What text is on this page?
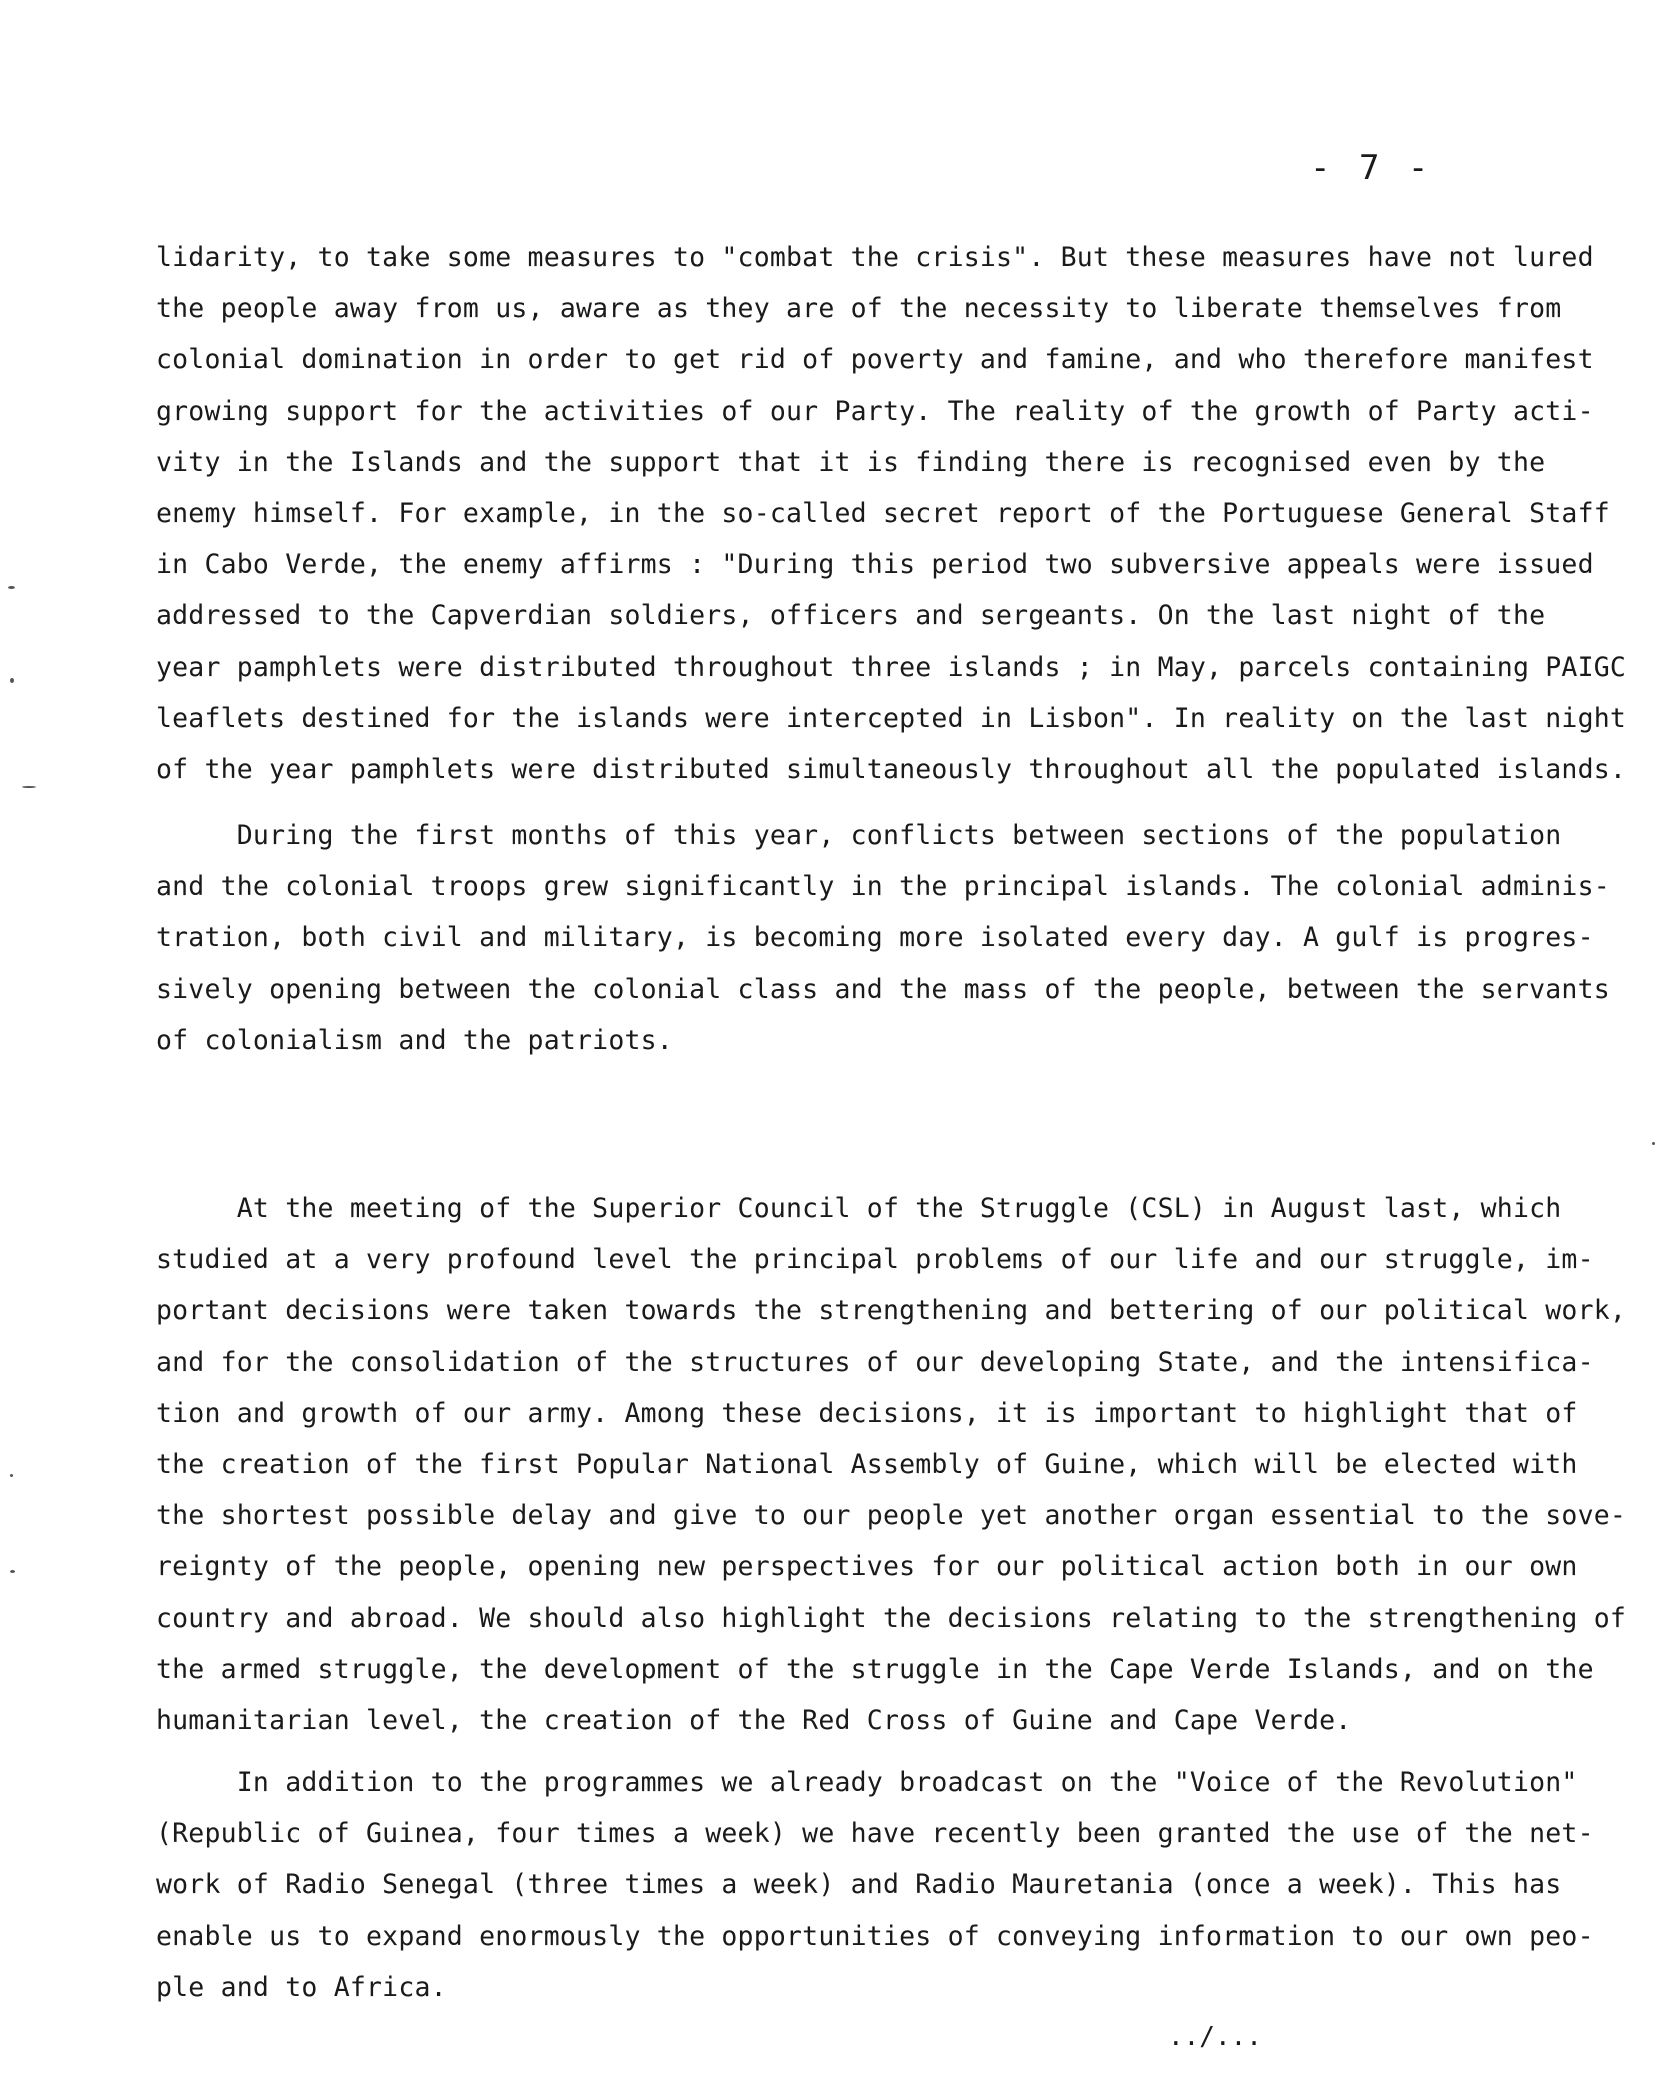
- 7 -
lidarity, to take some measures to "combat the crisis". But these measures have not lured
the people away from us, aware as they are of the necessity to liberate themselves from
colonial domination in order to get rid of poverty and famine, and who therefore manifest
growing support for the activities of our Party. The reality of the growth of Party acti-
vity in the Islands and the support that it is finding there is recognised even by the
enemy himself. For example, in the so-called secret report of the Portuguese General Staff
in Cabo Verde, the enemy affirms : "During this period two subversive appeals were issued
addressed to the Capverdian soldiers, officers and sergeants. On the last night of the
year pamphlets were distributed throughout three islands ; in May, parcels containing PAIGC
leaflets destined for the islands were intercepted in Lisbon". In reality on the last night
of the year pamphlets were distributed simultaneously throughout all the populated islands.
During the first months of this year, conflicts between sections of the population
and the colonial troops grew significantly in the principal islands. The colonial adminis-
tration, both civil and military, is becoming more isolated every day. A gulf is progres-
sively opening between the colonial class and the mass of the people, between the servants
of colonialism and the patriots.
At the meeting of the Superior Council of the Struggle (CSL) in August last, which
studied at a very profound level the principal problems of our life and our struggle, im-
portant decisions were taken towards the strengthening and bettering of our political work,
and for the consolidation of the structures of our developing State, and the intensifica-
tion and growth of our army. Among these decisions, it is important to highlight that of
the creation of the first Popular National Assembly of Guine, which will be elected with
the shortest possible delay and give to our people yet another organ essential to the sove-
reignty of the people, opening new perspectives for our political action both in our own
country and abroad. We should also highlight the decisions relating to the strengthening of
the armed struggle, the development of the struggle in the Cape Verde Islands, and on the
humanitarian level, the creation of the Red Cross of Guine and Cape Verde.
In addition to the programmes we already broadcast on the "Voice of the Revolution"
(Republic of Guinea, four times a week) we have recently been granted the use of the net-
work of Radio Senegal (three times a week) and Radio Mauretania (once a week). This has
enable us to expand enormously the opportunities of conveying information to our own peo-
ple and to Africa.
../...
